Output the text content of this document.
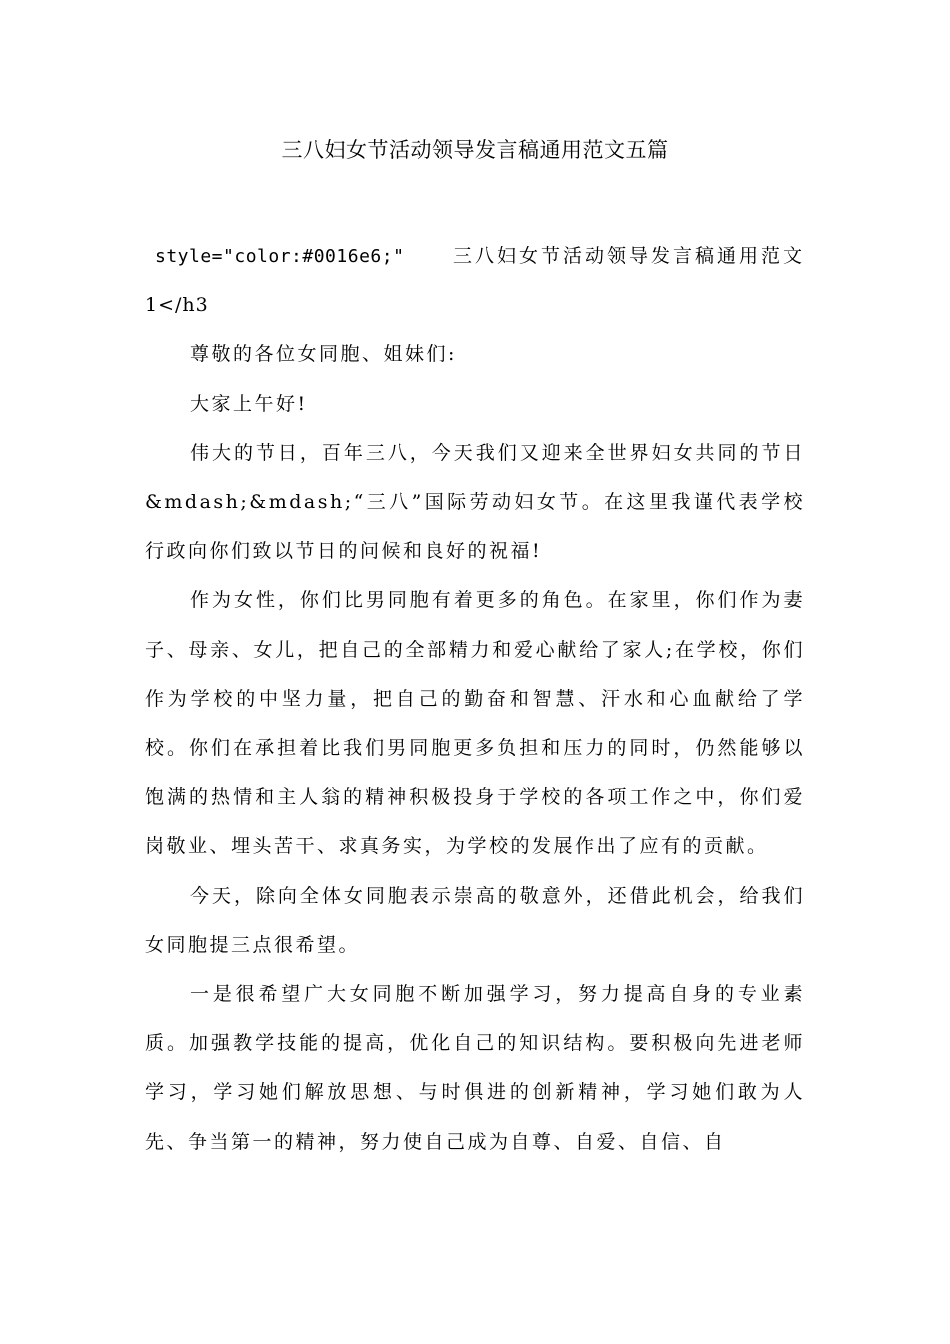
三八妇女节活动领导发言稿通用范文五篇

style="color:#0016e6;"	三八妇女节活动领导发言稿通用范文

1</h3

尊敬的各位女同胞、姐妹们:

大家上午好!

伟大的节日，百年三八，今天我们又迎来全世界妇女共同的节日&mdash;&mdash;“三八”国际劳动妇女节。在这里我谨代表学校行政向你们致以节日的问候和良好的祝福!

作为女性，你们比男同胞有着更多的角色。在家里，你们作为妻子、母亲、女儿，把自己的全部精力和爱心献给了家人;在学校，你们作为学校的中坚力量，把自己的勤奋和智慧、汗水和心血献给了学校。你们在承担着比我们男同胞更多负担和压力的同时，仍然能够以饱满的热情和主人翁的精神积极投身于学校的各项工作之中，你们爱岗敬业、埋头苦干、求真务实，为学校的发展作出了应有的贡献。

今天，除向全体女同胞表示崇高的敬意外，还借此机会，给我们女同胞提三点很希望。

一是很希望广大女同胞不断加强学习，努力提高自身的专业素质。加强教学技能的提高，优化自己的知识结构。要积极向先进老师学习，学习她们解放思想、与时俱进的创新精神，学习她们敢为人先、争当第一的精神，努力使自己成为自尊、自爱、自信、自
